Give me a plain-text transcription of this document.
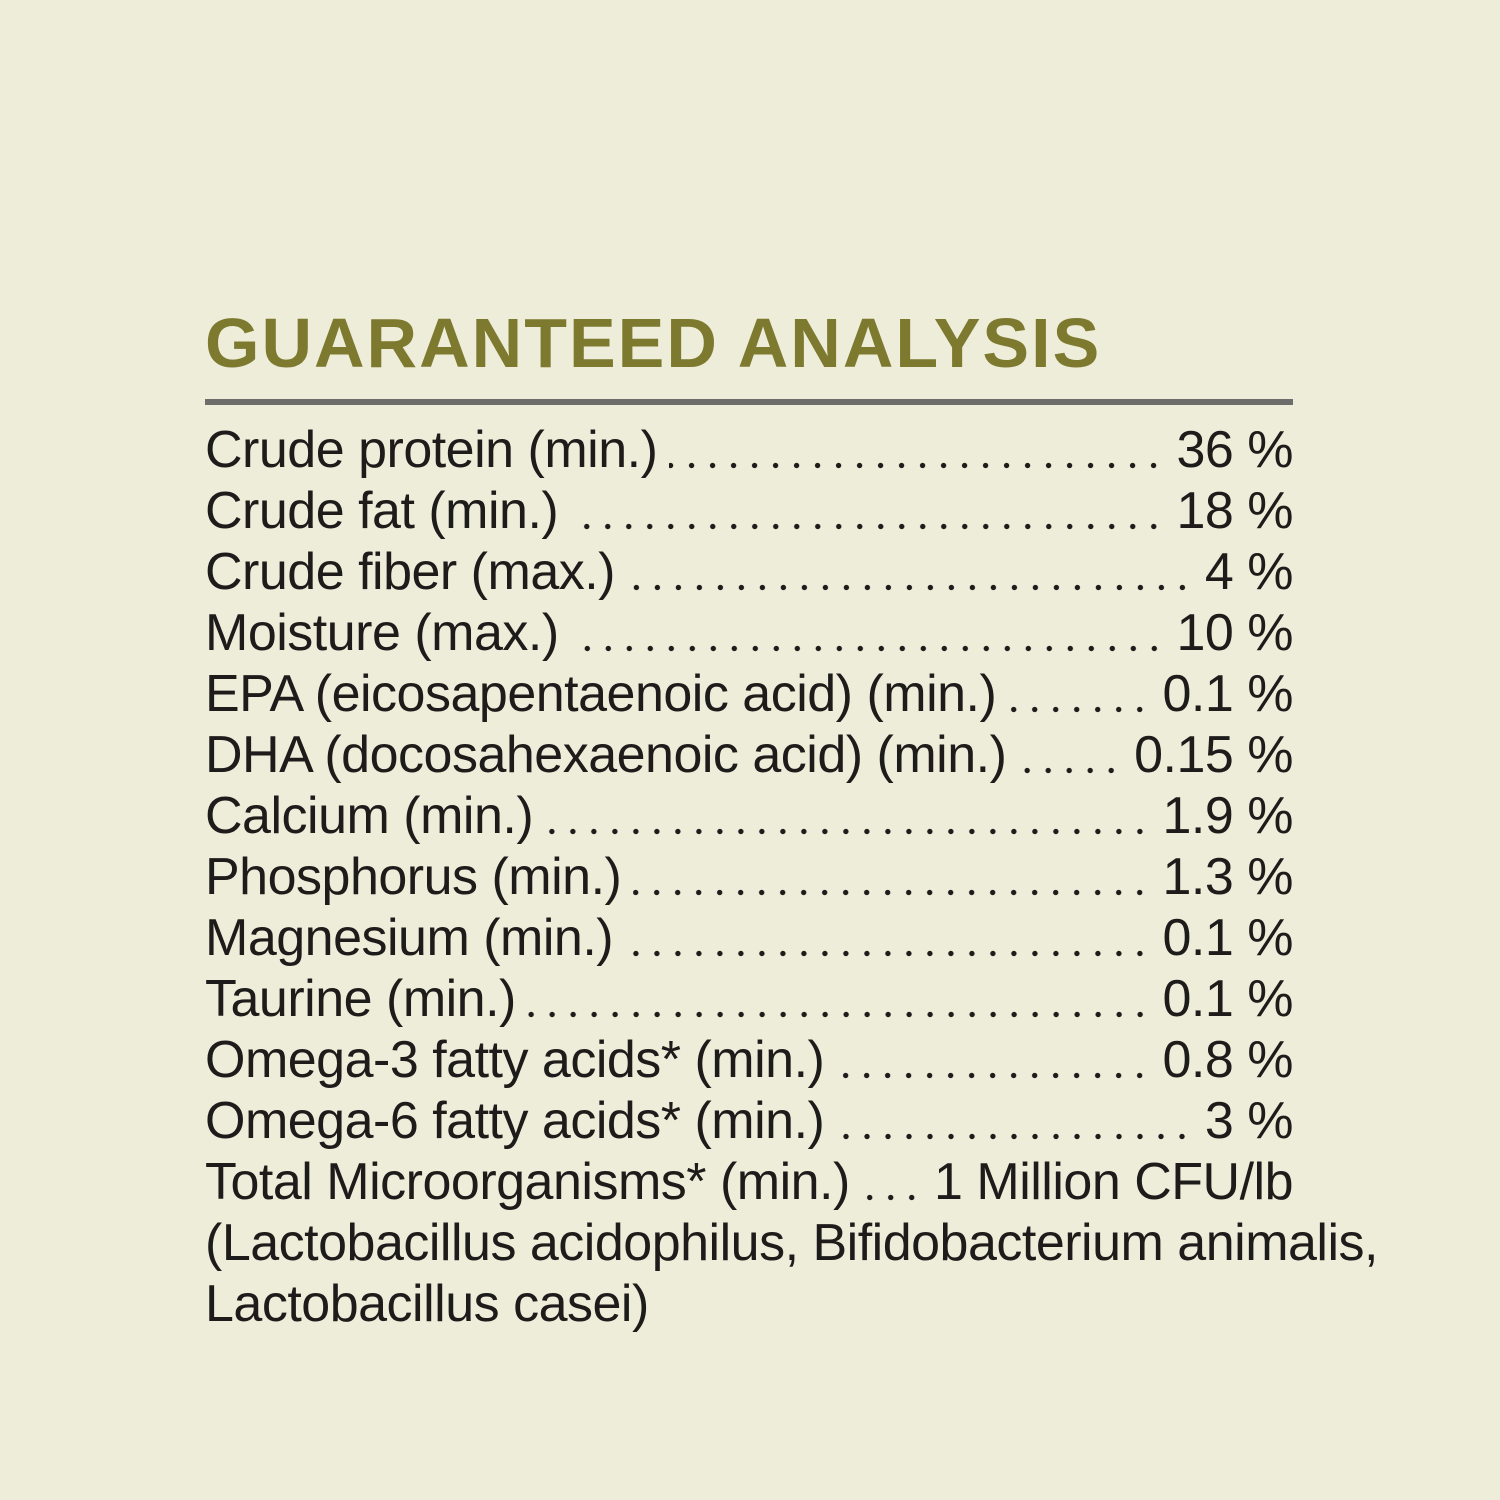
GUARANTEED ANALYSIS
Crude protein (min.)	36 %
Crude fat (min.)	18 %
Crude fiber (max.)	4 %
Moisture (max.)	10 %
EPA (eicosapentaenoic acid) (min.)	0.1 %
DHA (docosahexaenoic acid) (min.) 0.15 %
Calcium (min.)	1.9 %
Phosphorus (min.)	1.3 %
Magnesium (min.)	0.1 %
Taurine (min.)	0.1 %
Omega-3 fatty acids* (min.)	0.8 %
Omega-6 fatty acids* (min.)	3 %
Total Microorganisms* (min.) 1 Million CFU/lb
(Lactobacillus acidophilus, Bifidobacterium animalis,
Lactobacillus casei)
